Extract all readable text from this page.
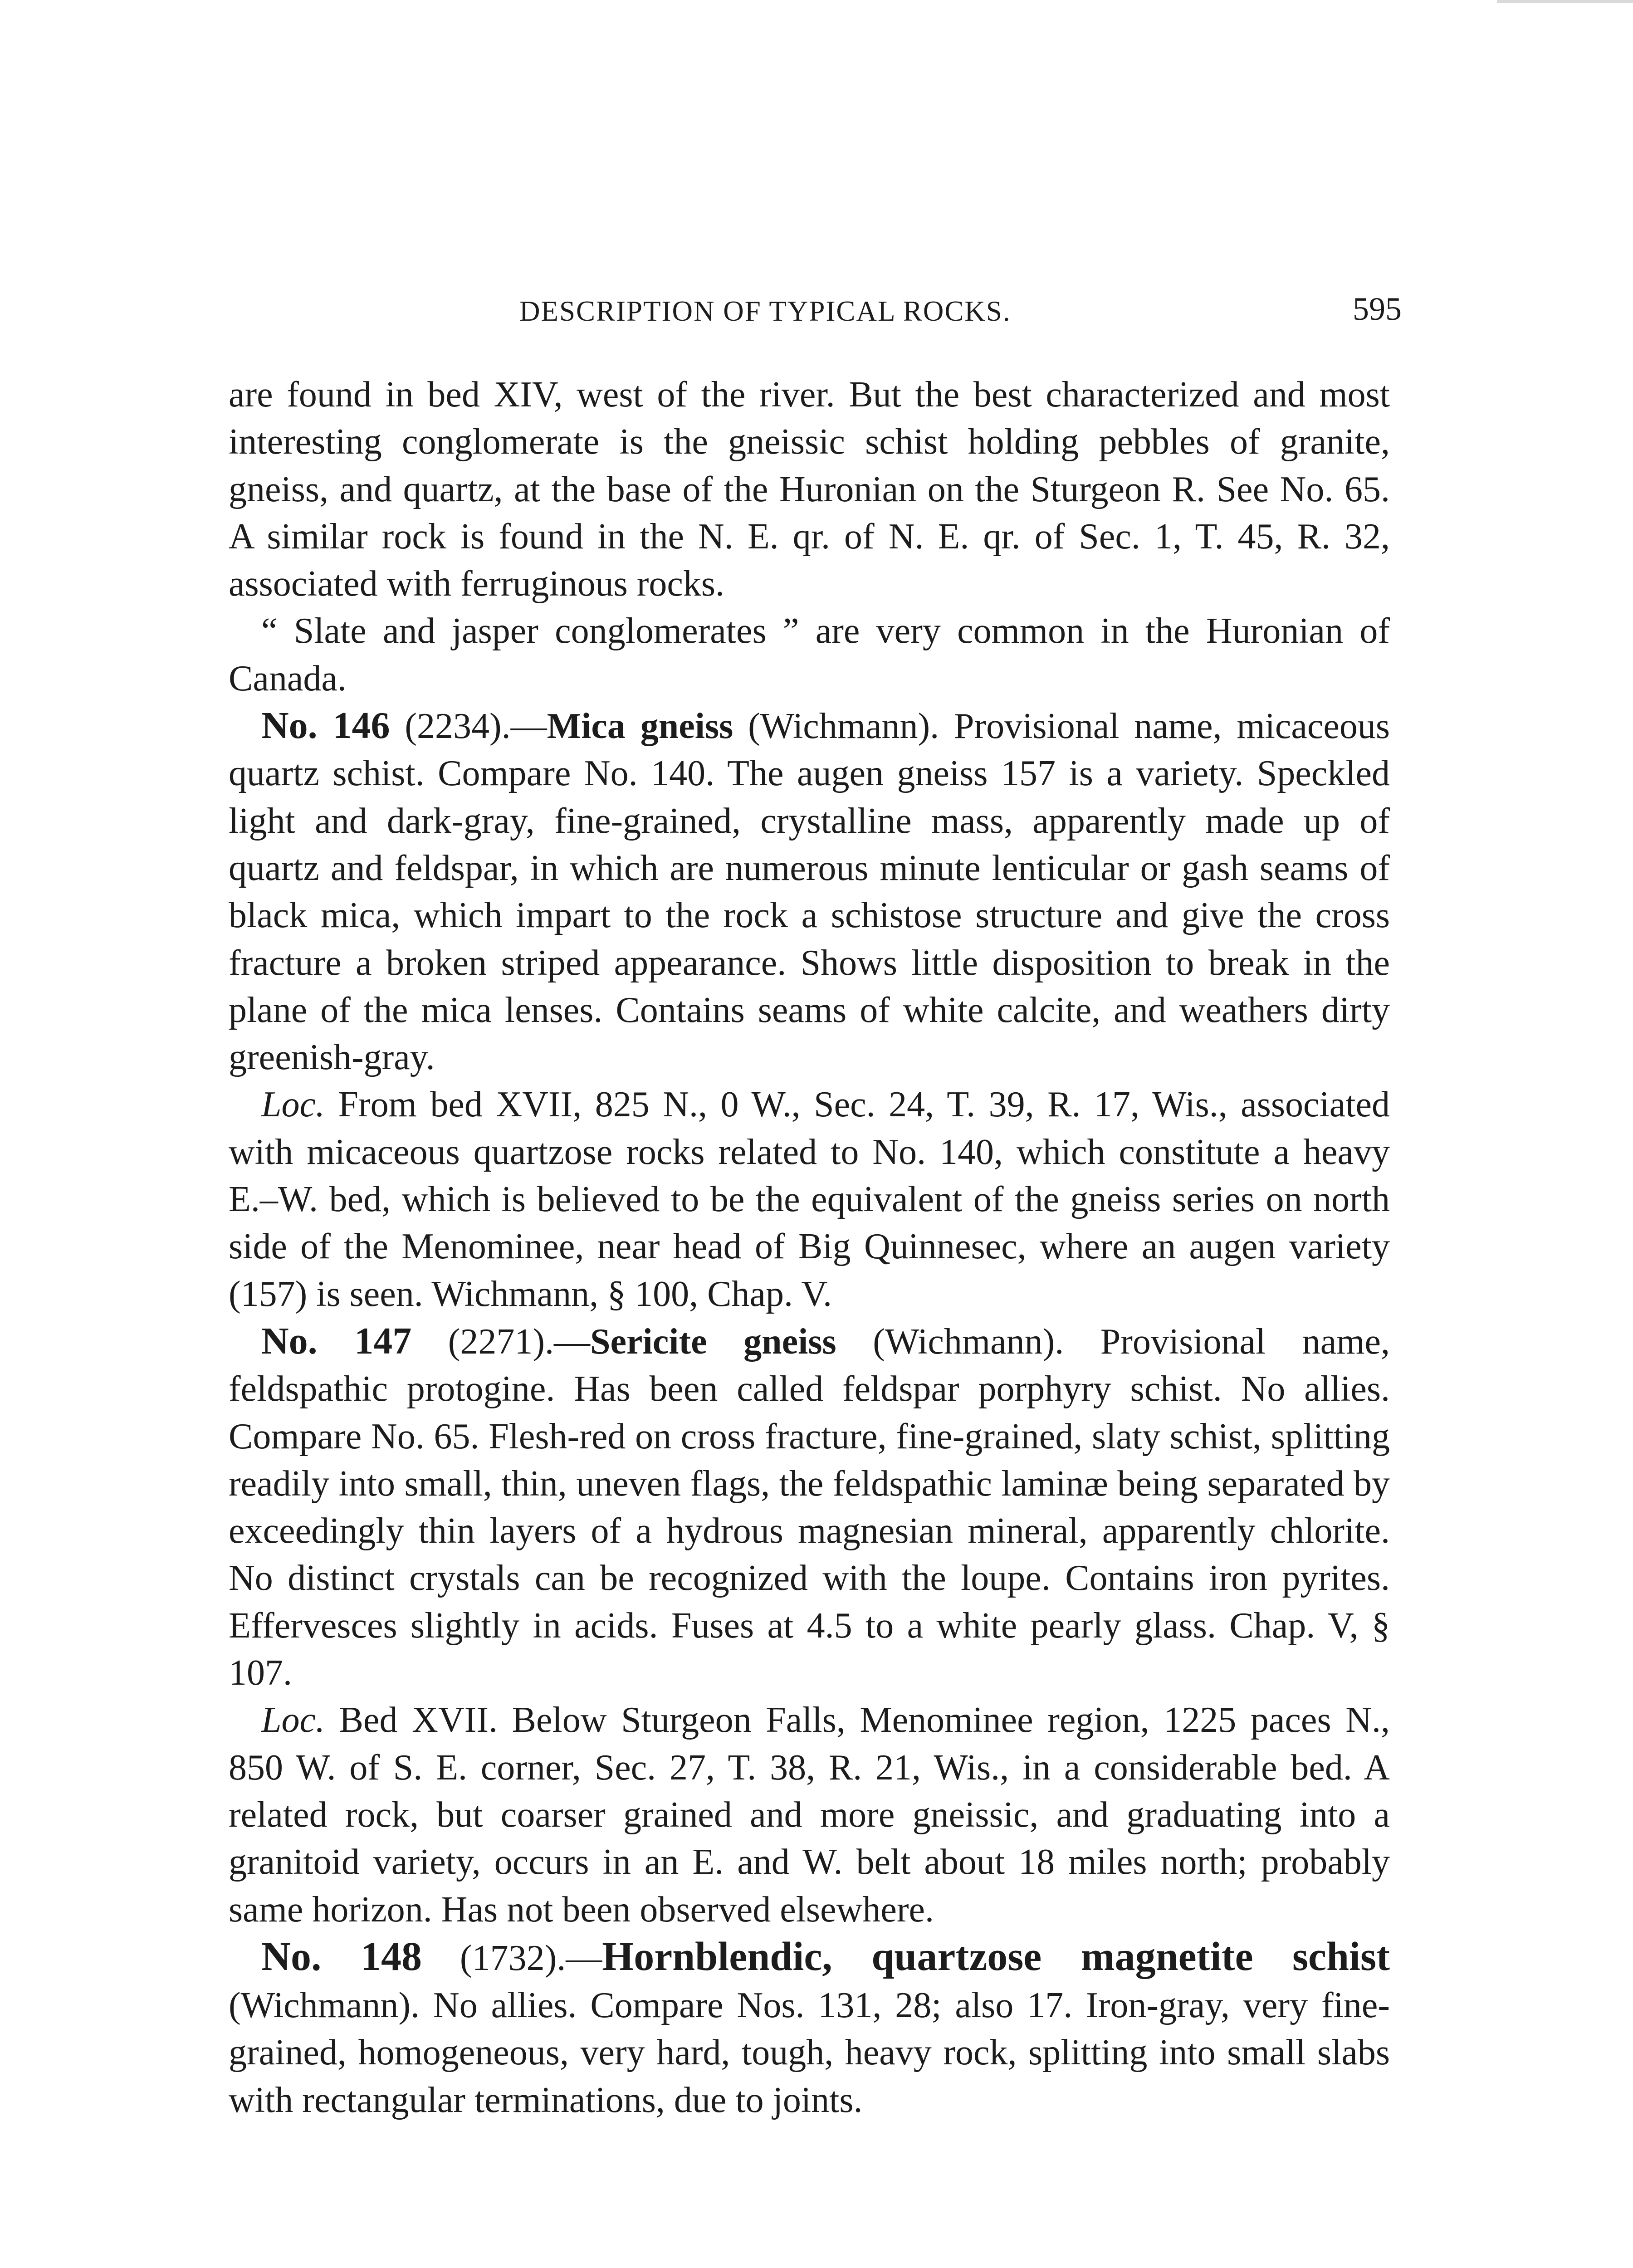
DESCRIPTION OF TYPICAL ROCKS.	595

are found in bed XIV, west of the river. But the best characterized and most interesting conglomerate is the gneissic schist holding pebbles of granite, gneiss, and quartz, at the base of the Huronian on the Sturgeon R. See No. 65. A similar rock is found in the N. E. qr. of N. E. qr. of Sec. 1, T. 45, R. 32, associated with ferruginous rocks.

“ Slate and jasper conglomerates ” are very common in the Huronian of Canada.

No. 146 (2234).—Mica gneiss (Wichmann). Provisional name, micaceous quartz schist. Compare No. 140. The augen gneiss 157 is a variety. Speckled light and dark-gray, fine-grained, crystalline mass, apparently made up of quartz and feldspar, in which are numerous minute lenticular or gash seams of black mica, which impart to the rock a schistose structure and give the cross fracture a broken striped appearance. Shows little disposition to break in the plane of the mica lenses. Contains seams of white calcite, and weathers dirty greenish-gray.

Loc. From bed XVII, 825 N., 0 W., Sec. 24, T. 39, R. 17, Wis., associated with micaceous quartzose rocks related to No. 140, which constitute a heavy E.–W. bed, which is believed to be the equivalent of the gneiss series on north side of the Menominee, near head of Big Quinnesec, where an augen variety (157) is seen. Wichmann, § 100, Chap. V.

No. 147 (2271).—Sericite gneiss (Wichmann). Provisional name, feldspathic protogine. Has been called feldspar porphyry schist. No allies. Compare No. 65. Flesh-red on cross fracture, fine-grained, slaty schist, splitting readily into small, thin, uneven flags, the feldspathic laminæ being separated by exceedingly thin layers of a hydrous magnesian mineral, apparently chlorite. No distinct crystals can be recognized with the loupe. Contains iron pyrites. Effervesces slightly in acids. Fuses at 4.5 to a white pearly glass. Chap. V, § 107.

Loc. Bed XVII. Below Sturgeon Falls, Menominee region, 1225 paces N., 850 W. of S. E. corner, Sec. 27, T. 38, R. 21, Wis., in a considerable bed. A related rock, but coarser grained and more gneissic, and graduating into a granitoid variety, occurs in an E. and W. belt about 18 miles north; probably same horizon. Has not been observed elsewhere.

No. 148 (1732).—Hornblendic, quartzose magnetite schist (Wichmann). No allies. Compare Nos. 131, 28; also 17. Iron-gray, very fine-grained, homogeneous, very hard, tough, heavy rock, splitting into small slabs with rectangular terminations, due to joints.
